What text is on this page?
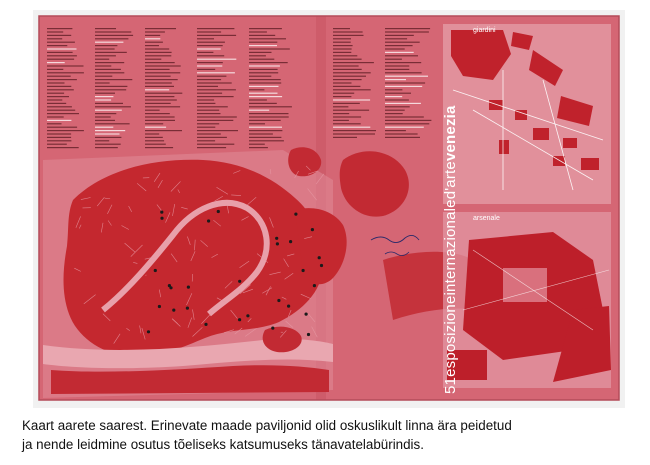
giardini
arsenale
51esposizioneinternazionaled'artevenezia
Kaart aarete saarest. Erinevate maade paviljonid olid oskuslikult linna ära peidetud
ja nende leidmine osutus tõeliseks katsumuseks tänavatelabürindis.
